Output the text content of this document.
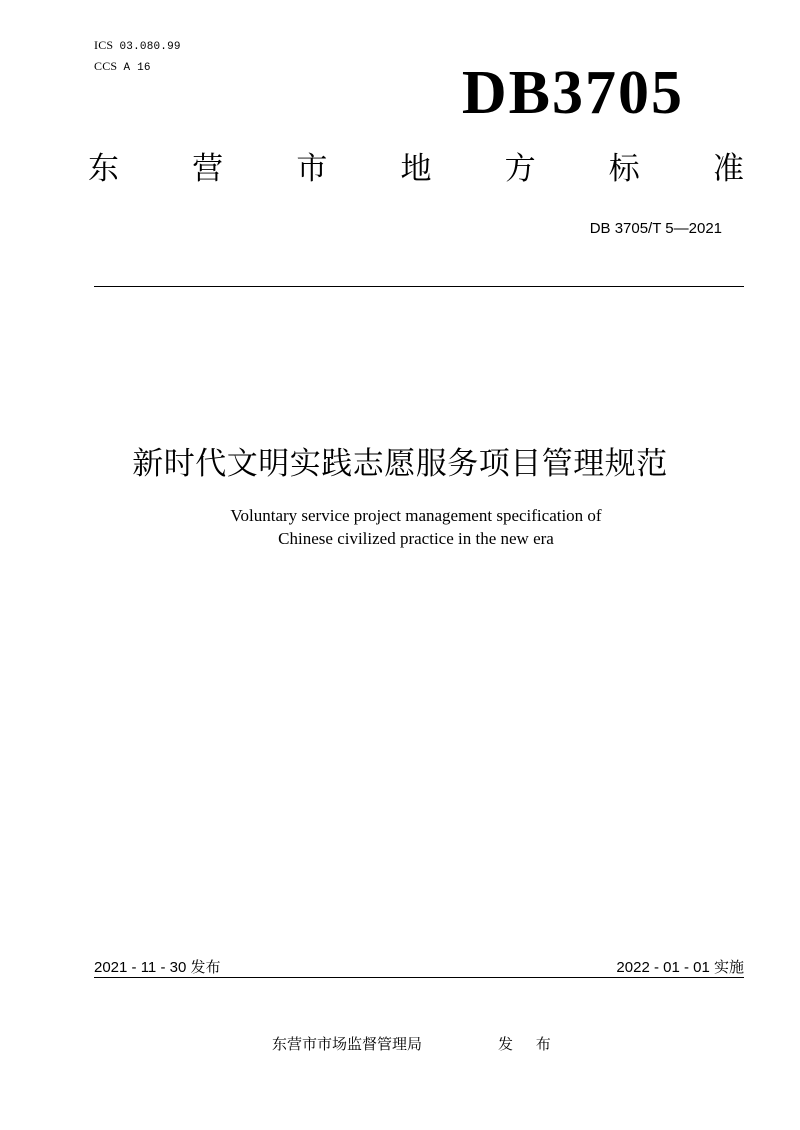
ICS 03.080.99
CCS A 16	DB3705
东 营 市 地 方 标 准
DB 3705/T 5—2021
新时代文明实践志愿服务项目管理规范
Voluntary service project management specification of
Chinese civilized practice in the new era
2021 - 11 - 30 发布	2022 - 01 - 01 实施
东营市市场监督管理局	发 布
